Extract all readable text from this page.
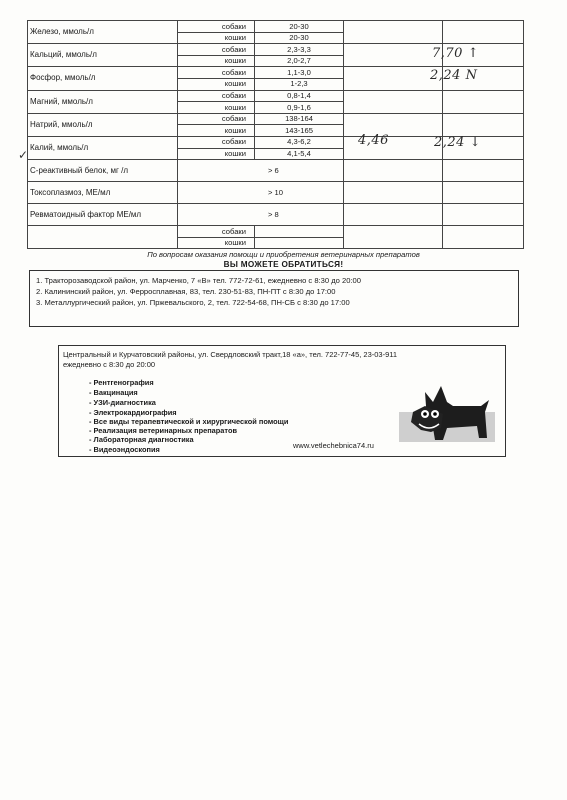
Железо, ммоль/л	собаки	20-30		
	кошки	20-30		
Кальций, ммоль/л	собаки	2,3-3,3		
	кошки	2,0-2,7		
Фосфор, ммоль/л	собаки	1,1-3,0		
	кошки	1-2,3		
Магний, ммоль/л	собаки	0,8-1,4		
	кошки	0,9-1,6		
Натрий, ммоль/л	собаки	138-164		
	кошки	143-165		
Калий, ммоль/л	собаки	4,3-6,2		
	кошки	4,1-5,4		
С-реактивный белок, мг /л	> 6			
Токсоплазмоз, МЕ/мл	> 10			
Ревматоидный фактор МЕ/мл	> 8			
	собаки			
	кошки			
✓
7,70 ↑
2,24 N
4,46	2,24 ↓
По вопросам оказания помощи и приобретения ветеринарных препаратов
ВЫ МОЖЕТЕ ОБРАТИТЬСЯ!
1. Тракторозаводской район, ул. Марченко, 7 «В» тел. 772-72-61, ежедневно с 8:30 до 20:00
2. Калининский район, ул. Ферросплавная, 83, тел. 230-51-83, ПН-ПТ с 8:30 до 17:00
3. Металлургический район, ул. Пржевальского, 2, тел. 722-54-68, ПН-СБ с 8:30 до 17:00
Центральный и Курчатовский районы, ул. Свердловский тракт,18 «а», тел. 722-77-45, 23-03-911
ежедневно с 8:30 до 20:00
- Рентгенография
- Вакцинация
- УЗИ-диагностика
- Электрокардиография
- Все виды терапевтической и хирургической помощи
- Реализация ветеринарных препаратов
- Лабораторная диагностика
- Видеоэндоскопия	www.vetlechebnica74.ru
